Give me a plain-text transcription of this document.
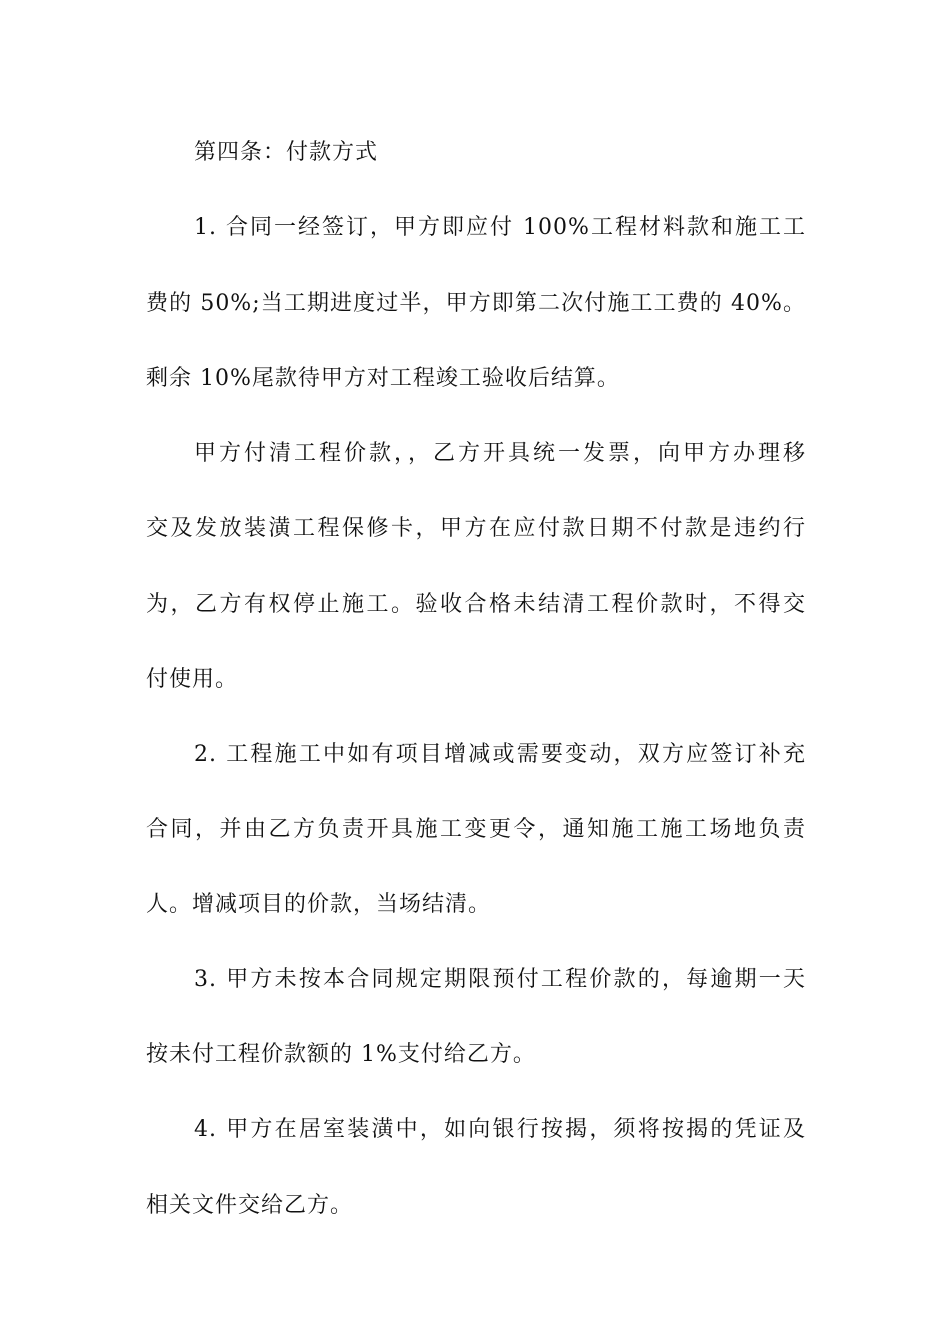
第四条：付款方式
1. 合同一经签订，甲方即应付 100%工程材料款和施工工
费的 50%;当工期进度过半，甲方即第二次付施工工费的 40%。
剩余 10%尾款待甲方对工程竣工验收后结算。
甲方付清工程价款，，乙方开具统一发票，向甲方办理移
交及发放装潢工程保修卡，甲方在应付款日期不付款是违约行
为，乙方有权停止施工。验收合格未结清工程价款时，不得交
付使用。
2. 工程施工中如有项目增减或需要变动，双方应签订补充
合同，并由乙方负责开具施工变更令，通知施工施工场地负责
人。增减项目的价款，当场结清。
3. 甲方未按本合同规定期限预付工程价款的，每逾期一天
按未付工程价款额的 1%支付给乙方。
4. 甲方在居室装潢中，如向银行按揭，须将按揭的凭证及
相关文件交给乙方。
